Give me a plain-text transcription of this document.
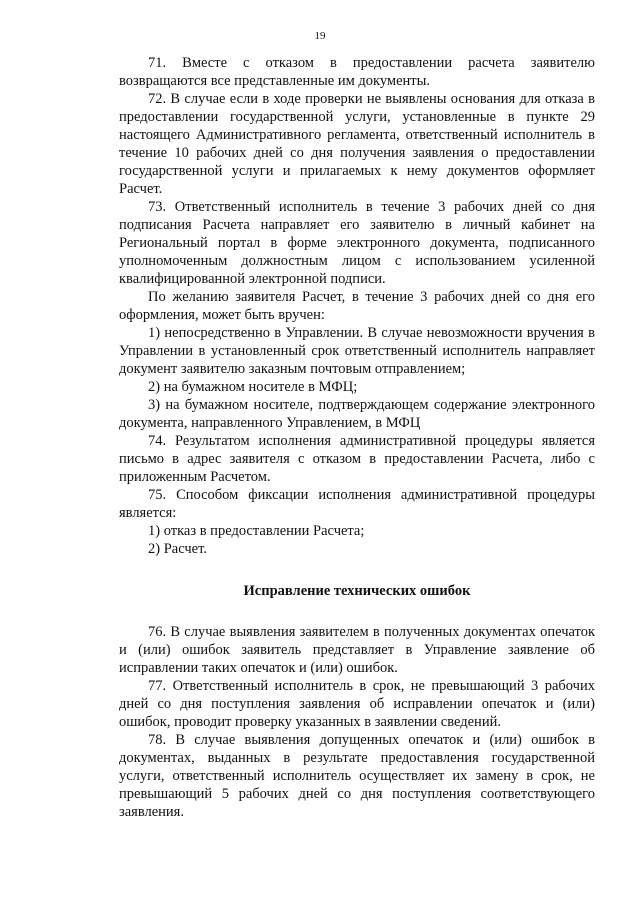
19

71. Вместе с отказом в предоставлении расчета заявителю возвращаются все представленные им документы.

72. В случае если в ходе проверки не выявлены основания для отказа в предоставлении государственной услуги, установленные в пункте 29 настоящего Административного регламента, ответственный исполнитель в течение 10 рабочих дней со дня получения заявления о предоставлении государственной услуги и прилагаемых к нему документов оформляет Расчет.

73. Ответственный исполнитель в течение 3 рабочих дней со дня подписания Расчета направляет его заявителю в личный кабинет на Региональный портал в форме электронного документа, подписанного уполномоченным должностным лицом с использованием усиленной квалифицированной электронной подписи.

По желанию заявителя Расчет, в течение 3 рабочих дней со дня его оформления, может быть вручен:

1) непосредственно в Управлении. В случае невозможности вручения в Управлении в установленный срок ответственный исполнитель направляет документ заявителю заказным почтовым отправлением;

2) на бумажном носителе в МФЦ;

3) на бумажном носителе, подтверждающем содержание электронного документа, направленного Управлением, в МФЦ

74. Результатом исполнения административной процедуры является письмо в адрес заявителя с отказом в предоставлении Расчета, либо с приложенным Расчетом.

75. Способом фиксации исполнения административной процедуры является:

1) отказ в предоставлении Расчета;

2) Расчет.

Исправление технических ошибок

76. В случае выявления заявителем в полученных документах опечаток и (или) ошибок заявитель представляет в Управление заявление об исправлении таких опечаток и (или) ошибок.

77. Ответственный исполнитель в срок, не превышающий 3 рабочих дней со дня поступления заявления об исправлении опечаток и (или) ошибок, проводит проверку указанных в заявлении сведений.

78. В случае выявления допущенных опечаток и (или) ошибок в документах, выданных в результате предоставления государственной услуги, ответственный исполнитель осуществляет их замену в срок, не превышающий 5 рабочих дней со дня поступления соответствующего заявления.
